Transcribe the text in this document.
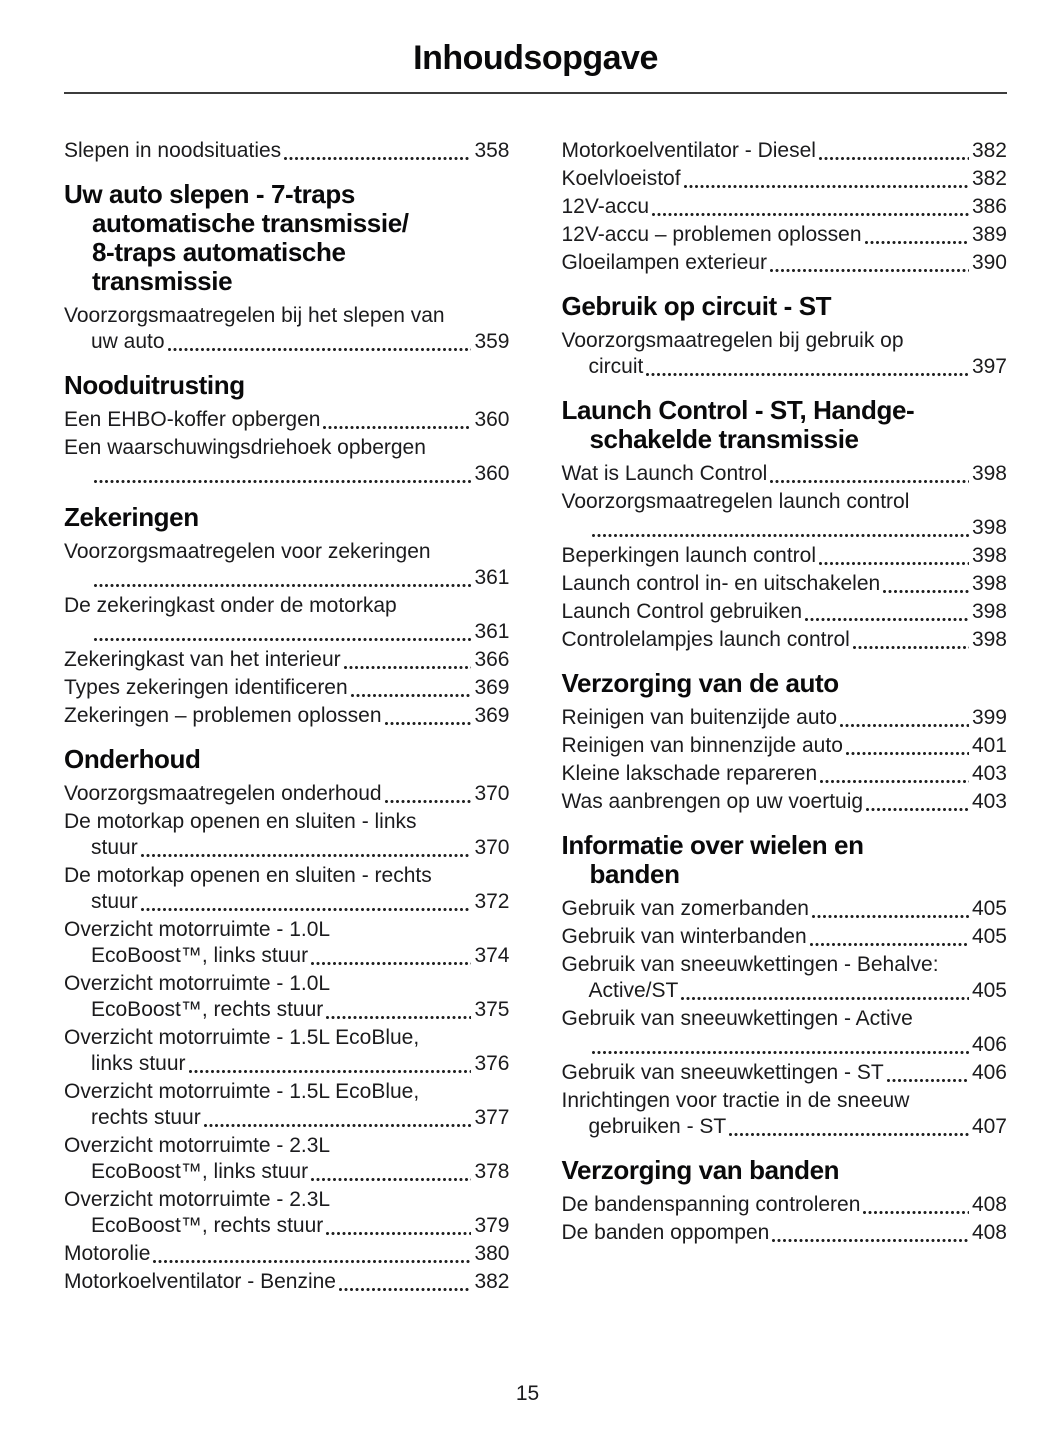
Inhoudsopgave
Slepen in noodsituaties	358
Uw auto slepen - 7-traps
automatische transmissie/
8-traps automatische
transmissie
Voorzorgsmaatregelen bij het slepen van
uw auto	359
Nooduitrusting
Een EHBO-koffer opbergen	360
Een waarschuwingsdriehoek opbergen
360
Zekeringen
Voorzorgsmaatregelen voor zekeringen
361
De zekeringkast onder de motorkap
361
Zekeringkast van het interieur	366
Types zekeringen identificeren	369
Zekeringen – problemen oplossen	369
Onderhoud
Voorzorgsmaatregelen onderhoud	370
De motorkap openen en sluiten - links
stuur	370
De motorkap openen en sluiten - rechts
stuur	372
Overzicht motorruimte - 1.0L
EcoBoost™, links stuur	374
Overzicht motorruimte - 1.0L
EcoBoost™, rechts stuur	375
Overzicht motorruimte - 1.5L EcoBlue,
links stuur	376
Overzicht motorruimte - 1.5L EcoBlue,
rechts stuur	377
Overzicht motorruimte - 2.3L
EcoBoost™, links stuur	378
Overzicht motorruimte - 2.3L
EcoBoost™, rechts stuur	379
Motorolie	380
Motorkoelventilator - Benzine	382
Motorkoelventilator - Diesel	382
Koelvloeistof	382
12V-accu	386
12V-accu – problemen oplossen	389
Gloeilampen exterieur	390
Gebruik op circuit - ST
Voorzorgsmaatregelen bij gebruik op
circuit	397
Launch Control - ST, Handge-
schakelde transmissie
Wat is Launch Control	398
Voorzorgsmaatregelen launch control
398
Beperkingen launch control	398
Launch control in- en uitschakelen	398
Launch Control gebruiken	398
Controlelampjes launch control	398
Verzorging van de auto
Reinigen van buitenzijde auto	399
Reinigen van binnenzijde auto	401
Kleine lakschade repareren	403
Was aanbrengen op uw voertuig	403
Informatie over wielen en
banden
Gebruik van zomerbanden	405
Gebruik van winterbanden	405
Gebruik van sneeuwkettingen - Behalve:
Active/ST	405
Gebruik van sneeuwkettingen - Active
406
Gebruik van sneeuwkettingen - ST	406
Inrichtingen voor tractie in de sneeuw
gebruiken - ST	407
Verzorging van banden
De bandenspanning controleren	408
De banden oppompen	408
15
